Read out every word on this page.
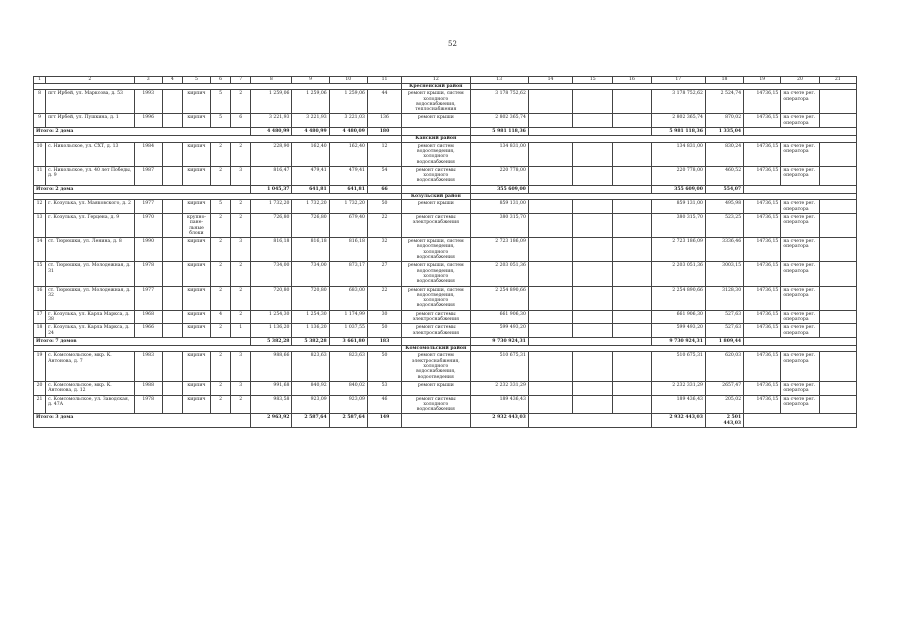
52
1	2	3	4	5	6	7	8	9	10	11	12	13	14	15	16	17	18	19	20	21
											Кресненский район									
8	пгт Ирбей, ул. Марксова, д. 53	1993		кирпич	5	2	1 259,06	1 259,06	1 259,06	44	ремонт крыши, систем холодного водоснабжения, теплоснабжения	3 178 752,62				3 178 752,62	2 524,74	14736,15	на счете рег. оператора	
9	пгт Ирбей, ул. Пушкина, д. 1	1996		кирпич	5	6	3 221,93	3 221,93	3 221,03	136	ремонт крыши	2 802 365,74				2 802 365,74	870,02	14736,15	на счете рег. оператора	
Итого: 2 дома							4 480,99	4 480,99	4 480,09	180		5 981 118,36				5 981 118,36	1 335,04			
											Канский район									
10	с. Никольское, ул. СХТ, д. 13	1984		кирпич	2	2	228,90	162,40	162,40	12	ремонт систем водоотведения, холодного водоснабжения	134 831,00				134 831,00	830,24	14736,15	на счете рег. оператора	
11	с. Никольское, ул. 40 лет Победы, д. 9	1987		кирпич	2	3	816,47	479,41	479,41	54	ремонт системы холодного водоснабжения	220 778,00				220 778,00	460,52	14736,15	на счете рег. оператора	
Итого: 2 дома							1 045,37	641,81	641,81	66		355 609,00				355 609,00	554,07			
											Козульский район									
12	г. Козулька, ул. Маяковского, д. 2	1977		кирпич	5	2	1 732,20	1 732,20	1 732,20	50	ремонт крыши	859 131,00				859 131,00	495,98	14736,15	на счете рег. оператора	
13	г. Козулька, ул. Герцена, д. 9	1970		крупно-пане-льные блоки	2	2	726,80	726,80	679,40	22	ремонт системы электроснабжения	380 315,70				380 315,70	523,25	14736,15	на счете рег. оператора	
14	ст. Тюрюшки, ул. Ленина, д. 8	1990		кирпич	2	3	816,18	816,18	816,18	32	ремонт крыши, систем водоотведения, холодного водоснабжения	2 723 186,09				2 723 186,09	3336,46	14736,15	на счете рег. оператора	
15	ст. Тюрюшки, ул. Молодежная, д. 31	1978		кирпич	2	2	734,00	734,00	873,17	27	ремонт крыши, систем водоотведения, холодного водоснабжения	2 203 051,36				2 203 051,36	3003,15	14736,15	на счете рег. оператора	
16	ст. Тюрюшки, ул. Молодежная, д. 32	1977		кирпич	2	2	720,80	720,80	683,00	22	ремонт крыши, систем водоотведения, холодного водоснабжения	2 254 890,66				2 254 890,66	3128,30	14736,15	на счете рег. оператора	
17	г. Козулька, ул. Карла Маркса, д. 38	1968		кирпич	4	2	1 254,30	1 254,30	1 174,99	30	ремонт системы электроснабжения	661 906,30				661 906,30	527,63	14736,15	на счете рег. оператора	
18	г. Козулька, ул. Карла Маркса, д. 24	1966		кирпич	2	1	1 136,20	1 136,20	1 037,55	50	ремонт системы электроснабжения	599 493,20				599 493,20	527,63	14736,15	на счете рег. оператора	
Итого: 7 домов							5 382,28	5 382,28	3 661,80	183		9 730 924,31				9 730 924,31	1 809,44			
											Комсомольский район									
19	с. Комсомольское, мкр. К. Антонова, д. 7	1983		кирпич	2	3	988,66	823,63	823,63	50	ремонт систем электроснабжения, холодного водоснабжения, водоотведения	510 675,31				510 675,31	620,03	14736,15	на счете рег. оператора	
20	с. Комсомольское, мкр. К. Антонова, д. 12	1988		кирпич	2	3	991,68	840,92	840,02	53	ремонт крыши	2 232 331,29				2 232 331,29	2657,47	14736,15	на счете рег. оператора	
21	с. Комсомольское, ул. Заводская, д. 47А	1978		кирпич	2	2	983,58	923,09	923,09	46	ремонт системы холодного водоснабжения	189 436,43				189 436,43	205,02	14736,15	на счете рег. оператора	
Итого: 3 дома							2 963,92	2 587,64	2 587,64	149		2 932 443,03				2 932 443,03	2 501 443,03			
